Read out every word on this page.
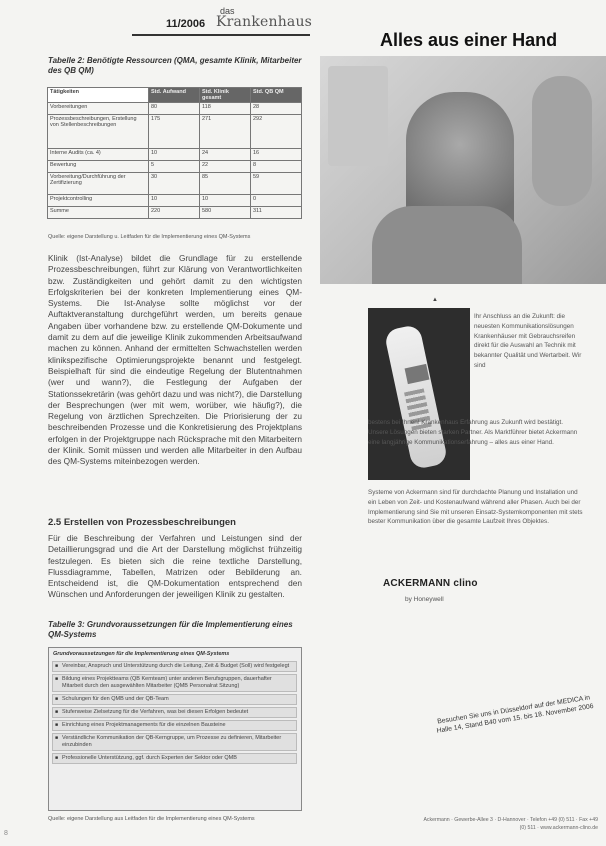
11/2006
das
Krankenhaus
Tabelle 2: Benötigte Ressourcen (QMA, gesamte Klinik, Mitarbeiter des QB QM)
Tätigkeiten	Std. Aufwand	Std. Klinik gesamt	Std. QB QM
Vorbereitungen	80	118	28
Prozessbeschreibungen, Erstellung von Stellenbeschreibungen	175	271	292
Interne Audits (ca. 4)	10	24	16
Bewertung	5	22	8
Vorbereitung/Durchführung der Zertifizierung	30	85	59
Projektcontrolling	10	10	0
Summe	220	580	311
Quelle: eigene Darstellung u. Leitfaden für die Implementierung eines QM-Systems
Klinik (Ist-Analyse) bildet die Grundlage für zu erstellende Prozessbeschreibungen, führt zur Klärung von Verantwortlichkeiten bzw. Zuständigkeiten und gehört damit zu den wichtigsten Erfolgskriterien bei der konkreten Implementierung eines QM-Systems. Die Ist-Analyse sollte möglichst vor der Auftaktveranstaltung durchgeführt werden, um bereits genaue Angaben über vorhandene bzw. zu erstellende QM-Dokumente und damit zu dem auf die jeweilige Klinik zukommenden Arbeitsaufwand machen zu können. Anhand der ermittelten Schwachstellen werden klinikspezifische Optimierungsprojekte benannt und festgelegt. Beispielhaft für sind die eindeutige Regelung der Blutentnahmen (wer und wann?), die Festlegung der Aufgaben der Stationssekretärin (was gehört dazu und was nicht?), die Darstellung der Besprechungen (wer mit wem, worüber, wie häufig?), die Regelung von ärztlichen Sprechzeiten. Die Priorisierung der zu beschreibenden Prozesse und die Konkretisierung des Projektplans erfolgen in der Projektgruppe nach Rücksprache mit den Mitarbeitern der Klinik. Somit müssen und werden alle Mitarbeiter in den Aufbau des QM-Systems miteinbezogen werden.
2.5 Erstellen von Prozessbeschreibungen
Für die Beschreibung der Verfahren und Leistungen sind der Detaillierungsgrad und die Art der Darstellung möglichst frühzeitig festzulegen. Es bieten sich die reine textliche Darstellung, Flussdiagramme, Tabellen, Matrizen oder Bebilderung an. Entscheidend ist, die QM-Dokumentation entsprechend den Wünschen und Anforderungen der jeweiligen Klinik zu gestalten.
Tabelle 3: Grundvoraussetzungen für die Implementierung eines QM-Systems
Grundvoraussetzungen für die Implementierung eines QM-Systems
■ Vereinbar, Anspruch und Unterstützung durch die Leitung, Zeit & Budget (Soll) wird festgelegt
■ Bildung eines Projektteams (QB Kernteam) unter anderen Berufsgruppen, dauerhafter Mitarbeit durch den ausgewählten Mitarbeiter (QMB Personalrat Sitzung)
■ Schulungen für den QMB und der QB-Team
■ Stufenweise Zielsetzung für die Verfahren, was bei diesen Erfolgen bedeutet
■ Einrichtung eines Projektmanagements für die einzelnen Bausteine
■ Verständliche Kommunikation der QB-Kerngruppe, um Prozesse zu definieren, Mitarbeiter einzubinden
■ Professionelle Unterstützung, ggf. durch Experten der Sektor oder QMB
Quelle: eigene Darstellung aus Leitfaden für die Implementierung eines QM-Systems
8
Alles aus einer Hand
▲
Ihr Anschluss an die Zukunft: die neuesten Kommunikationslösungen Krankenhäuser mit Gebrauchsreifen direkt für die Auswahl an Technik mit bekannter Qualität und Wertarbeit. Wir sind
bestens bei Ihnen! Krankenhaus Erfahrung aus Zukunft wird bestätigt. Unsere Lösungen bieten starken Partner. Als Marktführer bietet Ackermann eine langjährige Kommunikationserfahrung – alles aus einer Hand.
Systeme von Ackermann sind für durchdachte Planung und Installation und ein Leben von Zeit- und Kostenaufwand während aller Phasen. Auch bei der Implementierung sind Sie mit unseren Einsatz-Systemkomponenten mit stets bester Kommunikation über die gesamte Laufzeit Ihres Objektes.
ACKERMANN clino
by Honeywell
Besuchen Sie uns in Düsseldorf auf der MEDICA in Halle 14, Stand B40 vom 15. bis 18. November 2006
Ackermann · Gewerbe-Allee 3 · D-Hannover · Telefon +49 (0) 511 · Fax +49 (0) 511 · www.ackermann-clino.de
